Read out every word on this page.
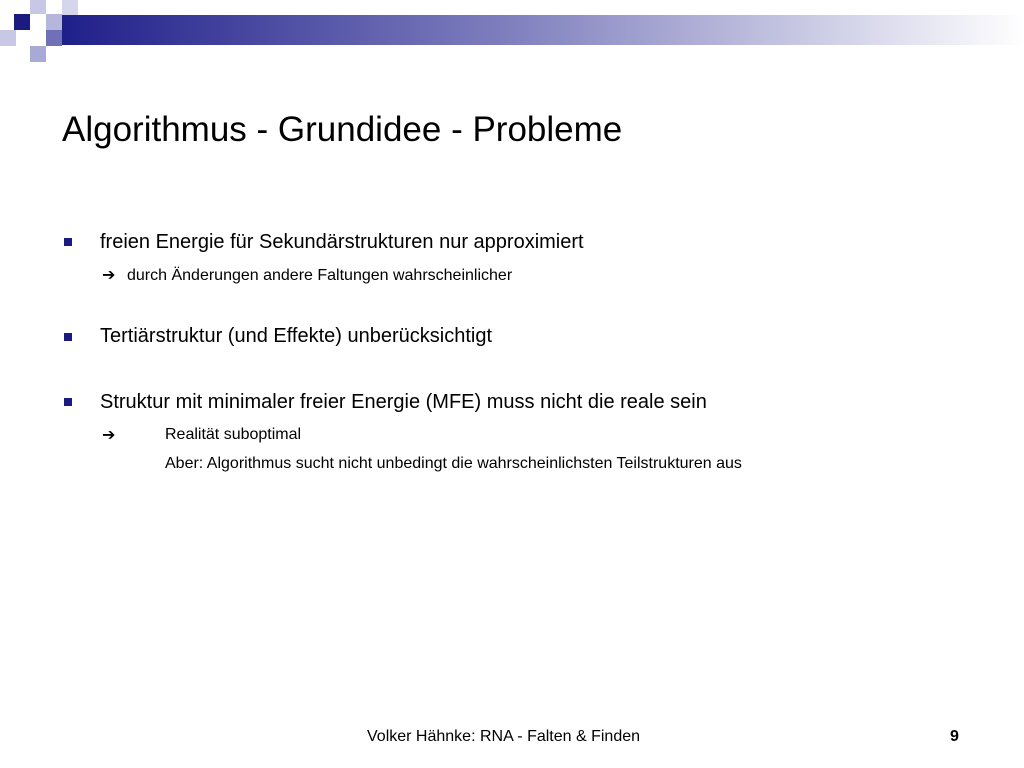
Algorithmus - Grundidee - Probleme
freien Energie für Sekundärstrukturen nur approximiert
➔ durch Änderungen andere Faltungen wahrscheinlicher
Tertiärstruktur (und Effekte) unberücksichtigt
Struktur mit minimaler freier Energie (MFE) muss nicht die reale sein
➔	Realität suboptimal
Aber: Algorithmus sucht nicht unbedingt die wahrscheinlichsten Teilstrukturen aus
Volker Hähnke: RNA - Falten & Finden	9
